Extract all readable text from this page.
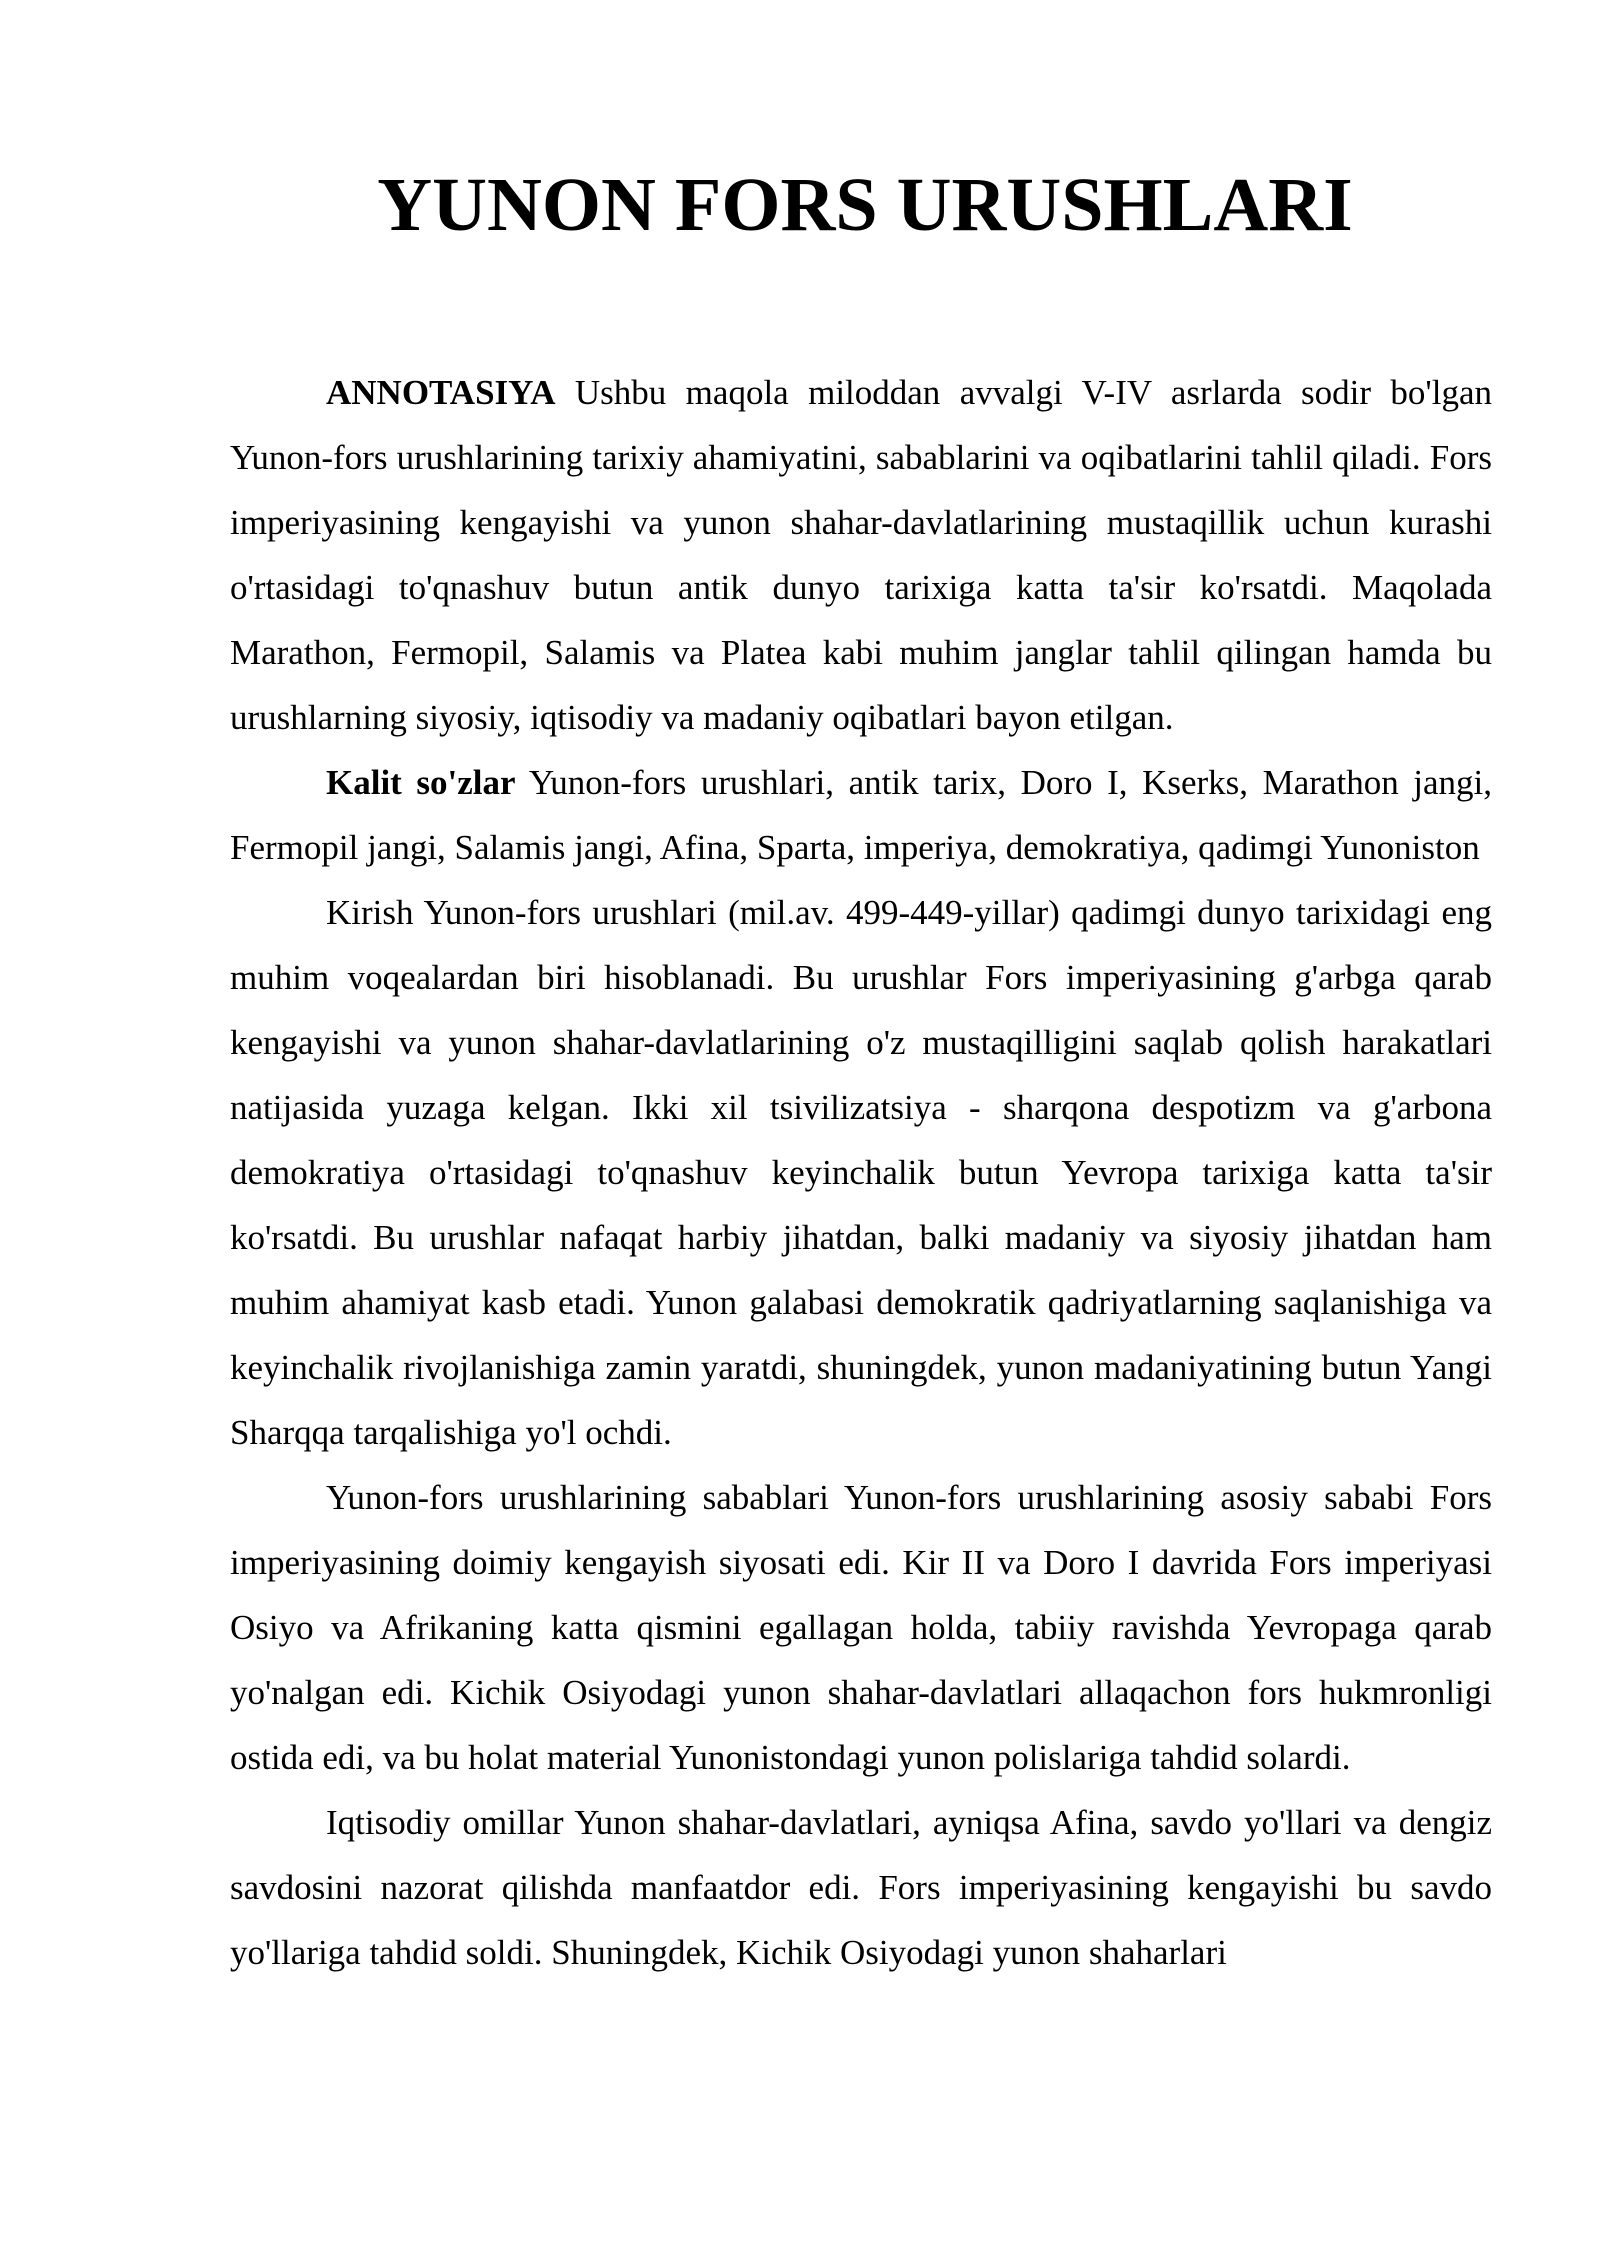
YUNON FORS URUSHLARI

ANNOTASIYA Ushbu maqola miloddan avvalgi V-IV asrlarda sodir bo'lgan Yunon-fors urushlarining tarixiy ahamiyatini, sabablarini va oqibatlarini tahlil qiladi. Fors imperiyasining kengayishi va yunon shahar-davlatlarining mustaqillik uchun kurashi o'rtasidagi to'qnashuv butun antik dunyo tarixiga katta ta'sir ko'rsatdi. Maqolada Marathon, Fermopil, Salamis va Platea kabi muhim janglar tahlil qilingan hamda bu urushlarning siyosiy, iqtisodiy va madaniy oqibatlari bayon etilgan.

Kalit so'zlar Yunon-fors urushlari, antik tarix, Doro I, Kserks, Marathon jangi, Fermopil jangi, Salamis jangi, Afina, Sparta, imperiya, demokratiya, qadimgi Yunoniston

Kirish Yunon-fors urushlari (mil.av. 499-449-yillar) qadimgi dunyo tarixidagi eng muhim voqealardan biri hisoblanadi. Bu urushlar Fors imperiyasining g'arbga qarab kengayishi va yunon shahar-davlatlarining o'z mustaqilligini saqlab qolish harakatlari natijasida yuzaga kelgan. Ikki xil tsivilizatsiya - sharqona despotizm va g'arbona demokratiya o'rtasidagi to'qnashuv keyinchalik butun Yevropa tarixiga katta ta'sir ko'rsatdi. Bu urushlar nafaqat harbiy jihatdan, balki madaniy va siyosiy jihatdan ham muhim ahamiyat kasb etadi. Yunon galabasi demokratik qadriyatlarning saqlanishiga va keyinchalik rivojlanishiga zamin yaratdi, shuningdek, yunon madaniyatining butun Yangi Sharqqa tarqalishiga yo'l ochdi.

Yunon-fors urushlarining sabablari Yunon-fors urushlarining asosiy sababi Fors imperiyasining doimiy kengayish siyosati edi. Kir II va Doro I davrida Fors imperiyasi Osiyo va Afrikaning katta qismini egallagan holda, tabiiy ravishda Yevropaga qarab yo'nalgan edi. Kichik Osiyodagi yunon shahar-davlatlari allaqachon fors hukmronligi ostida edi, va bu holat material Yunonistondagi yunon polislariga tahdid solardi.

Iqtisodiy omillar Yunon shahar-davlatlari, ayniqsa Afina, savdo yo'llari va dengiz savdosini nazorat qilishda manfaatdor edi. Fors imperiyasining kengayishi bu savdo yo'llariga tahdid soldi. Shuningdek, Kichik Osiyodagi yunon shaharlari
